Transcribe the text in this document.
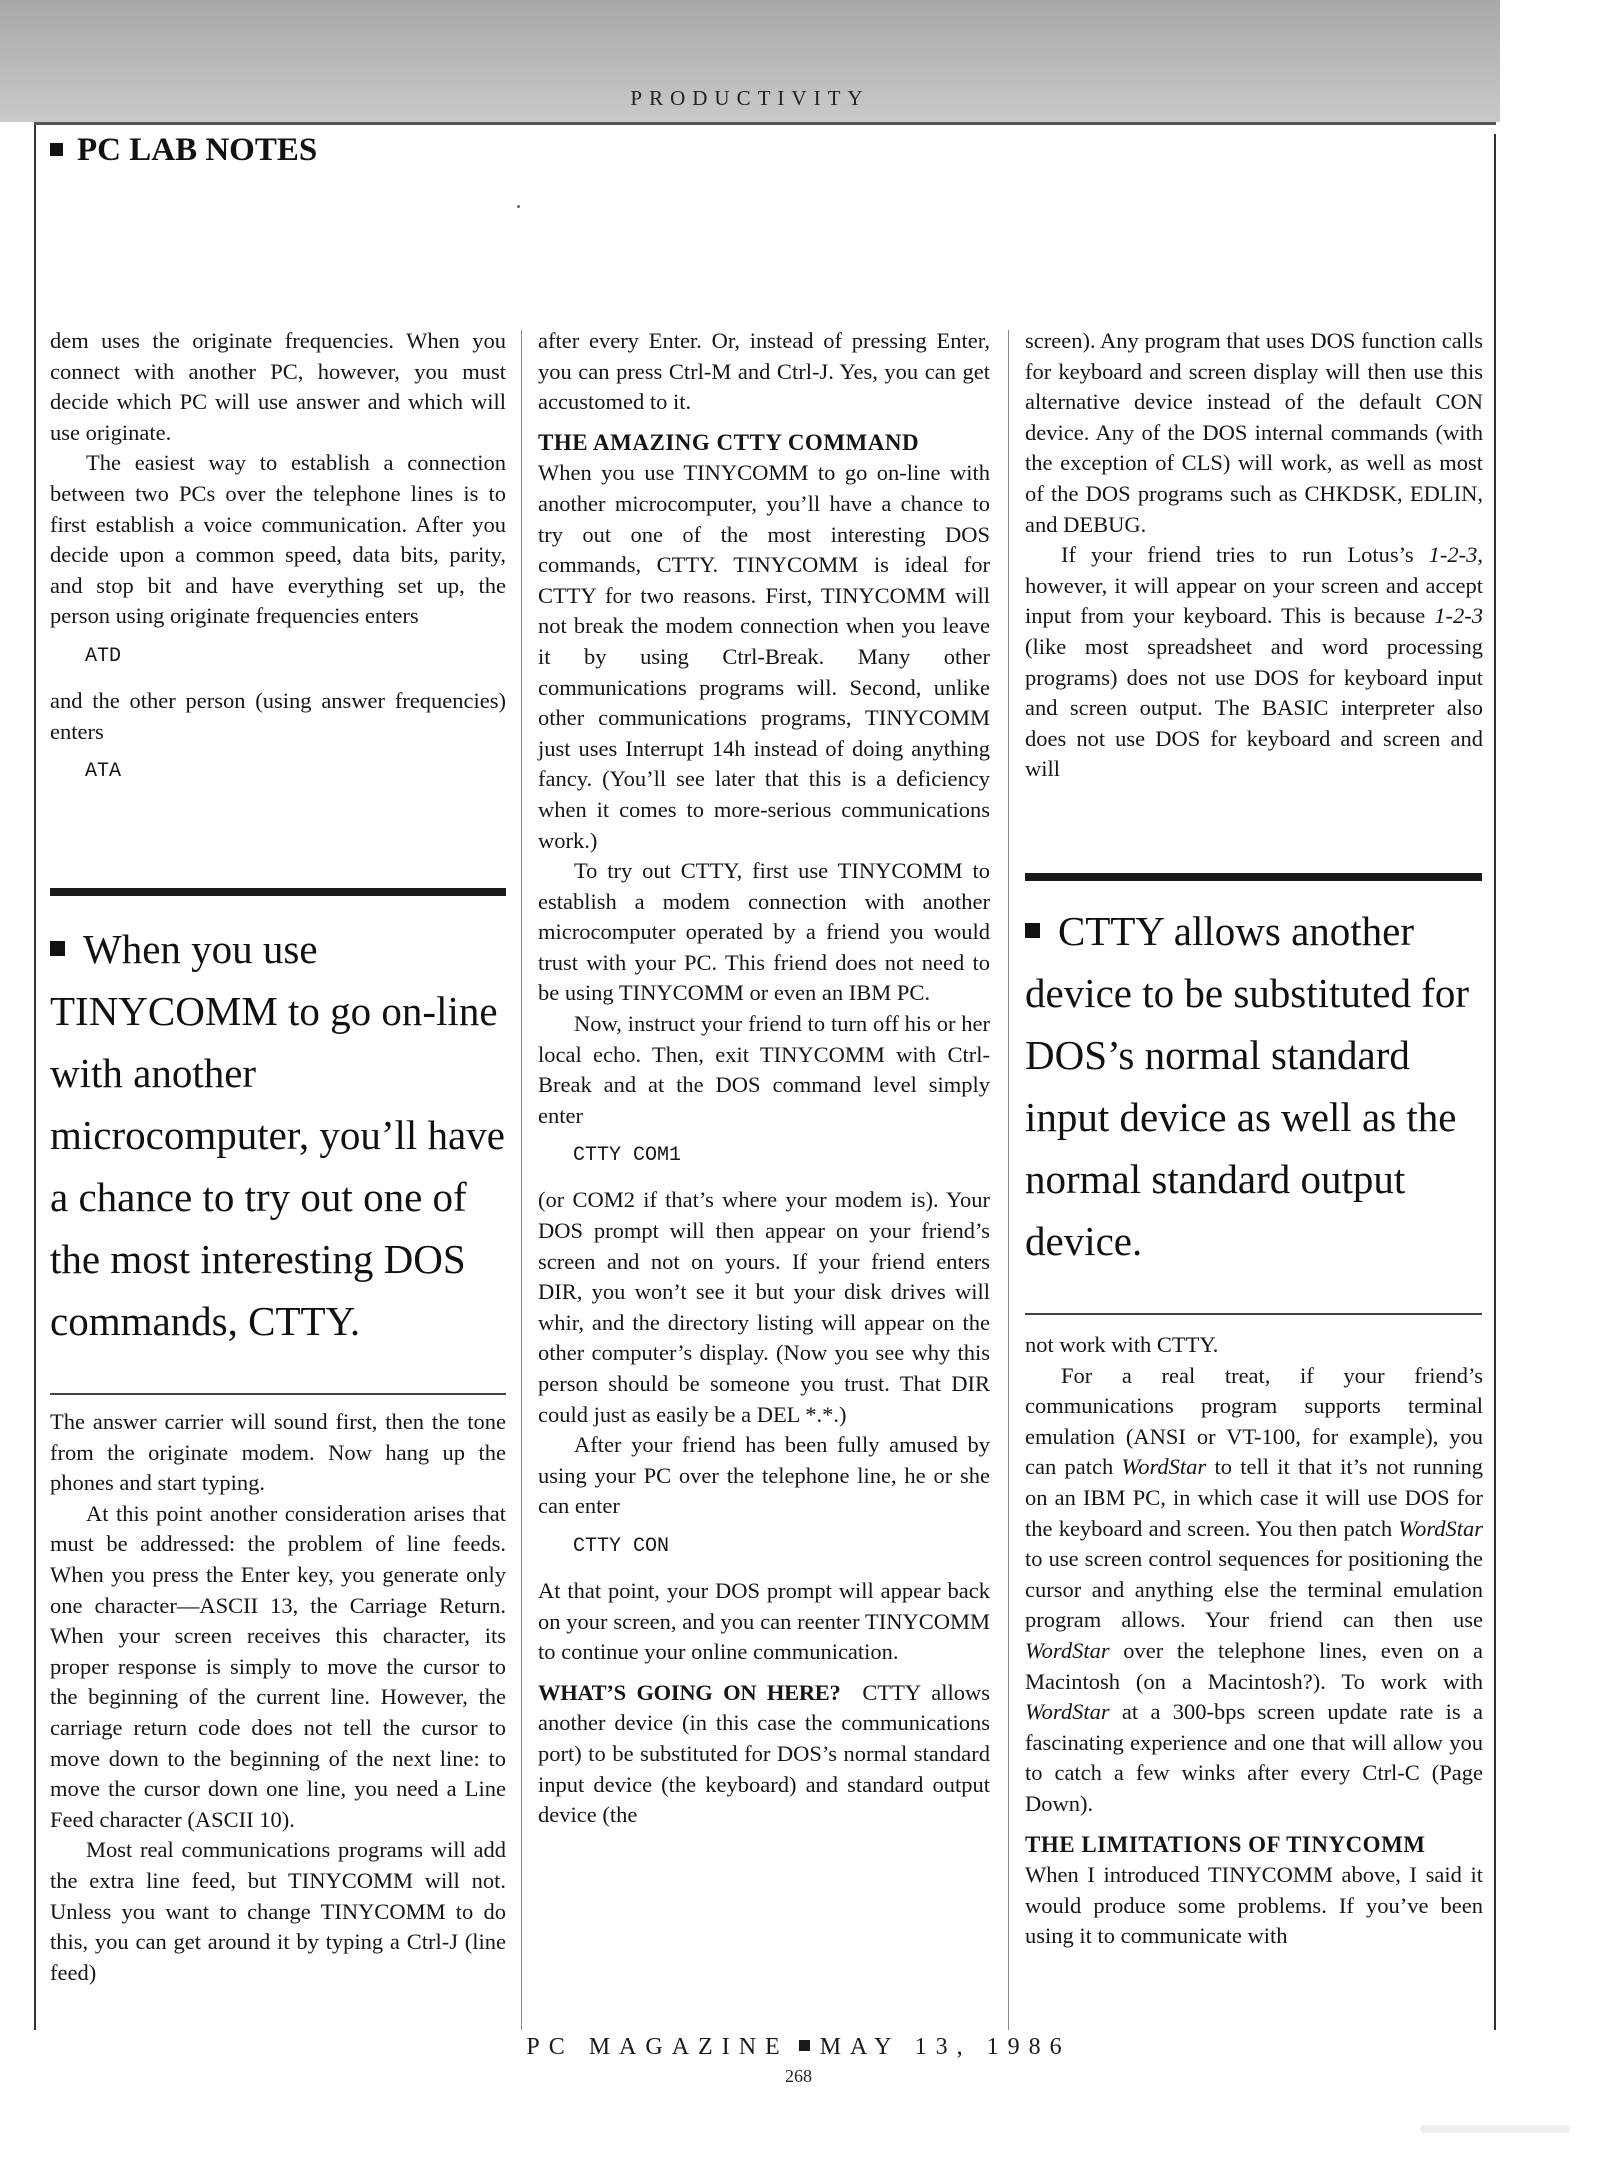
PRODUCTIVITY
PC LAB NOTES

dem uses the originate frequencies. When you connect with another PC, however, you must decide which PC will use answer and which will use originate.

The easiest way to establish a connection between two PCs over the telephone lines is to first establish a voice communication. After you decide upon a common speed, data bits, parity, and stop bit and have everything set up, the person using originate frequencies enters

ATD

and the other person (using answer frequencies) enters

ATA
When you use TINYCOMM to go on-line with another microcomputer, you’ll have a chance to try out one of the most interesting DOS commands, CTTY.

The answer carrier will sound first, then the tone from the originate modem. Now hang up the phones and start typing.

At this point another consideration arises that must be addressed: the problem of line feeds. When you press the Enter key, you generate only one character—ASCII 13, the Carriage Return. When your screen receives this character, its proper response is simply to move the cursor to the beginning of the current line. However, the carriage return code does not tell the cursor to move down to the beginning of the next line: to move the cursor down one line, you need a Line Feed character (ASCII 10).

Most real communications programs will add the extra line feed, but TINYCOMM will not. Unless you want to change TINYCOMM to do this, you can get around it by typing a Ctrl-J (line feed)

after every Enter. Or, instead of pressing Enter, you can press Ctrl-M and Ctrl-J. Yes, you can get accustomed to it.

THE AMAZING CTTY COMMAND

When you use TINYCOMM to go on-line with another microcomputer, you’ll have a chance to try out one of the most interesting DOS commands, CTTY. TINYCOMM is ideal for CTTY for two reasons. First, TINYCOMM will not break the modem connection when you leave it by using Ctrl-Break. Many other communications programs will. Second, unlike other communications programs, TINYCOMM just uses Interrupt 14h instead of doing anything fancy. (You’ll see later that this is a deficiency when it comes to more-serious communications work.)

To try out CTTY, first use TINYCOMM to establish a modem connection with another microcomputer operated by a friend you would trust with your PC. This friend does not need to be using TINYCOMM or even an IBM PC.

Now, instruct your friend to turn off his or her local echo. Then, exit TINYCOMM with Ctrl-Break and at the DOS command level simply enter

CTTY COM1

(or COM2 if that’s where your modem is). Your DOS prompt will then appear on your friend’s screen and not on yours. If your friend enters DIR, you won’t see it but your disk drives will whir, and the directory listing will appear on the other computer’s display. (Now you see why this person should be someone you trust. That DIR could just as easily be a DEL *.*.)

After your friend has been fully amused by using your PC over the telephone line, he or she can enter

CTTY CON

At that point, your DOS prompt will appear back on your screen, and you can reenter TINYCOMM to continue your online communication.

WHAT’S GOING ON HERE? CTTY allows another device (in this case the communications port) to be substituted for DOS’s normal standard input device (the keyboard) and standard output device (the

screen). Any program that uses DOS function calls for keyboard and screen display will then use this alternative device instead of the default CON device. Any of the DOS internal commands (with the exception of CLS) will work, as well as most of the DOS programs such as CHKDSK, EDLIN, and DEBUG.

If your friend tries to run Lotus’s 1-2-3, however, it will appear on your screen and accept input from your keyboard. This is because 1-2-3 (like most spreadsheet and word processing programs) does not use DOS for keyboard input and screen output. The BASIC interpreter also does not use DOS for keyboard and screen and will

CTTY allows another device to be substituted for DOS’s normal standard input device as well as the normal standard output device.

not work with CTTY.

For a real treat, if your friend’s communications program supports terminal emulation (ANSI or VT-100, for example), you can patch WordStar to tell it that it’s not running on an IBM PC, in which case it will use DOS for the keyboard and screen. You then patch WordStar to use screen control sequences for positioning the cursor and anything else the terminal emulation program allows. Your friend can then use WordStar over the telephone lines, even on a Macintosh (on a Macintosh?). To work with WordStar at a 300-bps screen update rate is a fascinating experience and one that will allow you to catch a few winks after every Ctrl-C (Page Down).

THE LIMITATIONS OF TINYCOMM

When I introduced TINYCOMM above, I said it would produce some problems. If you’ve been using it to communicate with

PC MAGAZINE MAY 13, 1986
268
